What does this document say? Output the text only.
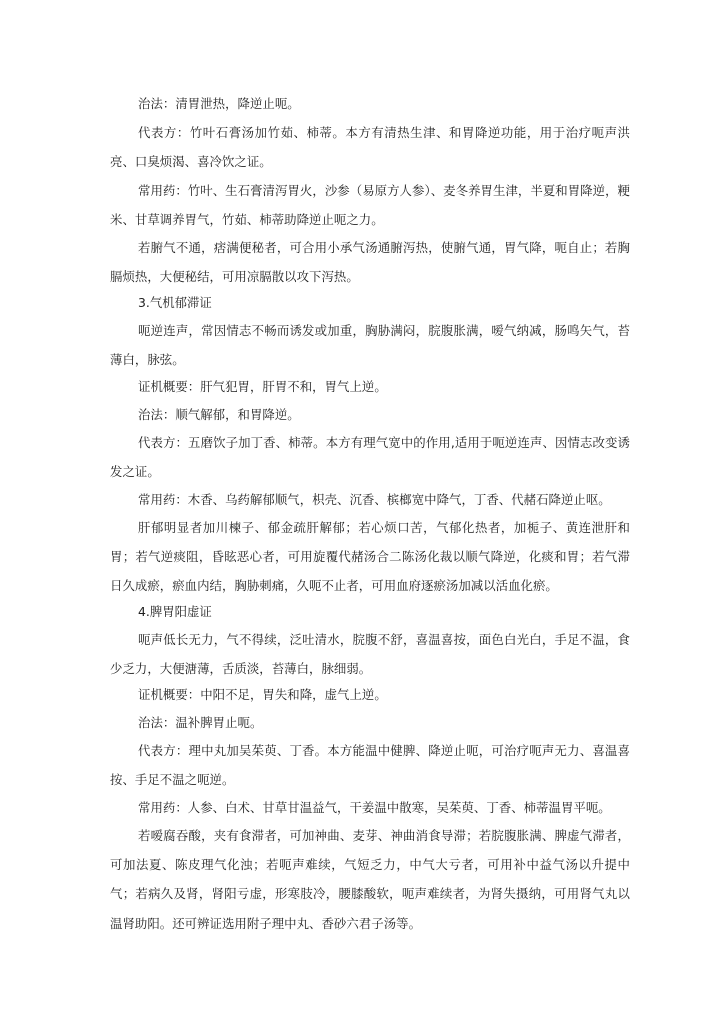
治法：清胃泄热，降逆止呃。

代表方：竹叶石膏汤加竹茹、柿蒂。本方有清热生津、和胃降逆功能，用于治疗呃声洪亮、口臭烦渴、喜冷饮之证。

常用药：竹叶、生石膏清泻胃火，沙参（易原方人参）、麦冬养胃生津，半夏和胃降逆，粳米、甘草调养胃气，竹茹、柿蒂助降逆止呃之力。

若腑气不通，痞满便秘者，可合用小承气汤通腑泻热，使腑气通，胃气降，呃自止；若胸膈烦热，大便秘结，可用凉膈散以攻下泻热。

3.气机郁滞证

呃逆连声，常因情志不畅而诱发或加重，胸胁满闷，脘腹胀满，嗳气纳减，肠鸣矢气，苔薄白，脉弦。

证机概要：肝气犯胃，肝胃不和，胃气上逆。

治法：顺气解郁，和胃降逆。

代表方：五磨饮子加丁香、柿蒂。本方有理气宽中的作用,适用于呃逆连声、因情志改变诱发之证。

常用药：木香、乌药解郁顺气，枳壳、沉香、槟榔宽中降气，丁香、代赭石降逆止呕。

肝郁明显者加川楝子、郁金疏肝解郁；若心烦口苦，气郁化热者，加栀子、黄连泄肝和胃；若气逆痰阻，昏眩恶心者，可用旋覆代赭汤合二陈汤化裁以顺气降逆，化痰和胃；若气滞日久成瘀，瘀血内结，胸胁刺痛，久呃不止者，可用血府逐瘀汤加减以活血化瘀。

4.脾胃阳虚证

呃声低长无力，气不得续，泛吐清水，脘腹不舒，喜温喜按，面色白光白，手足不温，食少乏力，大便溏薄，舌质淡，苔薄白，脉细弱。

证机概要：中阳不足，胃失和降，虚气上逆。

治法：温补脾胃止呃。

代表方：理中丸加吴茱萸、丁香。本方能温中健脾、降逆止呃，可治疗呃声无力、喜温喜按、手足不温之呃逆。

常用药：人参、白术、甘草甘温益气，干姜温中散寒，吴茱萸、丁香、柿蒂温胃平呃。

若嗳腐吞酸，夹有食滞者，可加神曲、麦芽、神曲消食导滞；若脘腹胀满、脾虚气滞者，可加法夏、陈皮理气化浊；若呃声难续，气短乏力，中气大亏者，可用补中益气汤以升提中气；若病久及肾，肾阳亏虚，形寒肢冷，腰膝酸软，呃声难续者，为肾失摄纳，可用肾气丸以温肾助阳。还可辨证选用附子理中丸、香砂六君子汤等。
